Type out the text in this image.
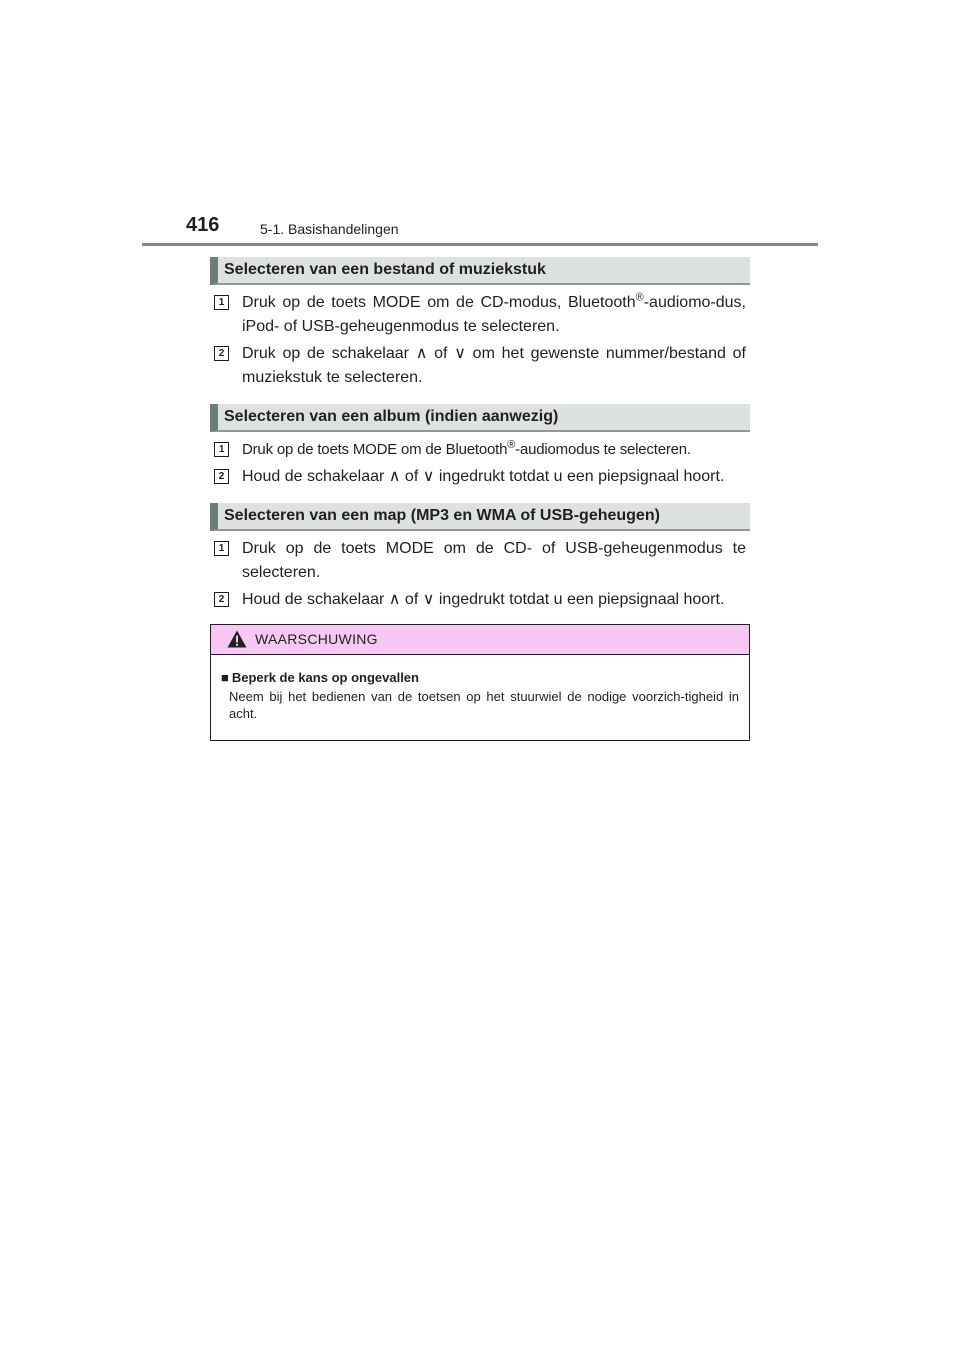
416	5-1. Basishandelingen
Selecteren van een bestand of muziekstuk
1 Druk op de toets MODE om de CD-modus, Bluetooth®-audiomo-dus, iPod- of USB-geheugenmodus te selecteren.
2 Druk op de schakelaar ∧ of ∨ om het gewenste nummer/bestand of muziekstuk te selecteren.
Selecteren van een album (indien aanwezig)
1	Druk op de toets MODE om de Bluetooth®-audiomodus te selecteren.
2 Houd de schakelaar ∧ of ∨ ingedrukt totdat u een piepsignaal hoort.
Selecteren van een map (MP3 en WMA of USB-geheugen)
1 Druk op de toets MODE om de CD- of USB-geheugenmodus te selecteren.
2 Houd de schakelaar ∧ of ∨ ingedrukt totdat u een piepsignaal hoort.
WAARSCHUWING
■ Beperk de kans op ongevallen
Neem bij het bedienen van de toetsen op het stuurwiel de nodige voorzich-tigheid in acht.
